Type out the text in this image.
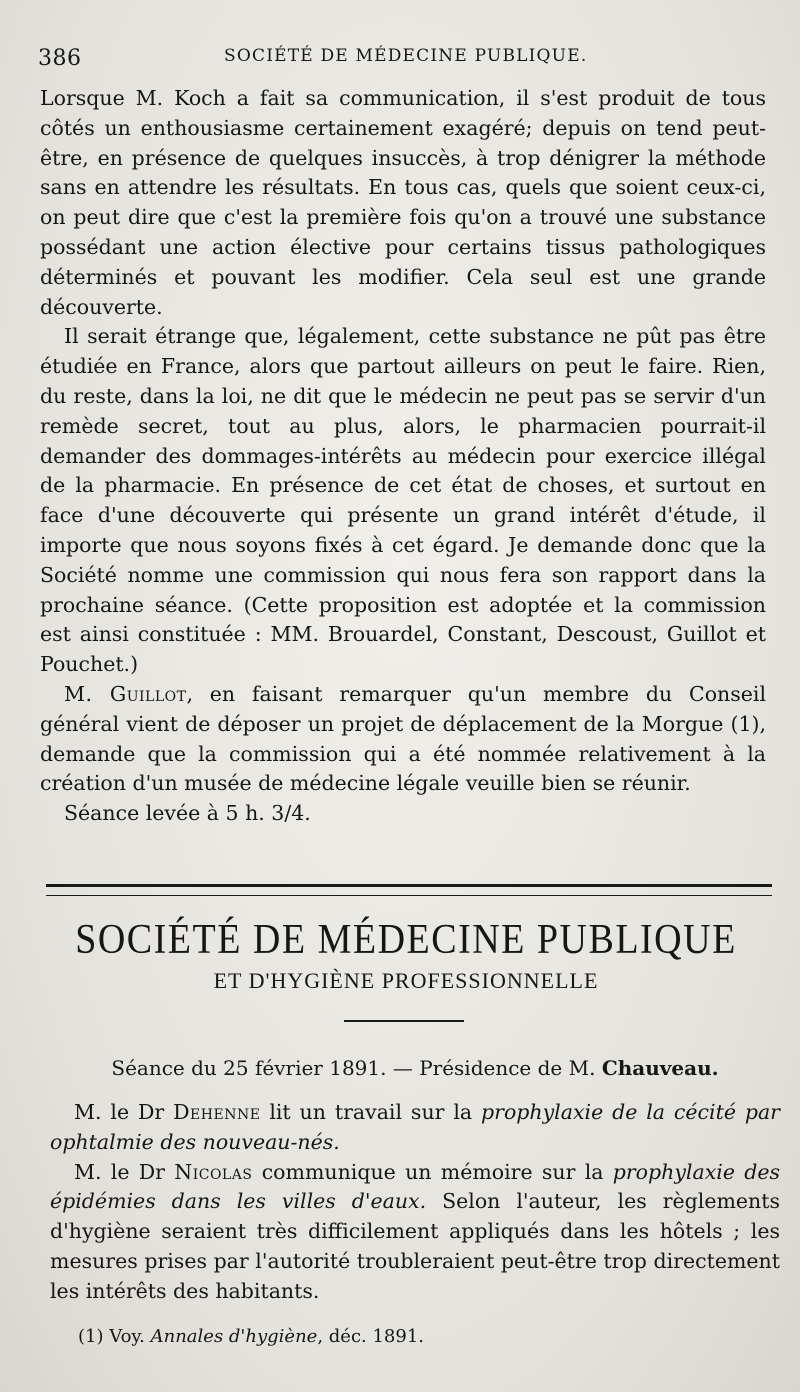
386	SOCIÉTÉ DE MÉDECINE PUBLIQUE.

Lorsque M. Koch a fait sa communication, il s'est produit de tous côtés un enthousiasme certainement exagéré; depuis on tend peut-être, en présence de quelques insuccès, à trop dénigrer la méthode sans en attendre les résultats. En tous cas, quels que soient ceux-ci, on peut dire que c'est la première fois qu'on a trouvé une substance possédant une action élective pour certains tissus pathologiques déterminés et pouvant les modifier. Cela seul est une grande découverte.

Il serait étrange que, légalement, cette substance ne pût pas être étudiée en France, alors que partout ailleurs on peut le faire. Rien, du reste, dans la loi, ne dit que le médecin ne peut pas se servir d'un remède secret, tout au plus, alors, le pharmacien pourrait-il demander des dommages-intérêts au médecin pour exercice illégal de la pharmacie. En présence de cet état de choses, et surtout en face d'une découverte qui présente un grand intérêt d'étude, il importe que nous soyons fixés à cet égard. Je demande donc que la Société nomme une commission qui nous fera son rapport dans la prochaine séance. (Cette proposition est adoptée et la commission est ainsi constituée : MM. Brouardel, Constant, Descoust, Guillot et Pouchet.)

M. Guillot, en faisant remarquer qu'un membre du Conseil général vient de déposer un projet de déplacement de la Morgue (1), demande que la commission qui a été nommée relativement à la création d'un musée de médecine légale veuille bien se réunir.

Séance levée à 5 h. 3/4.

SOCIÉTÉ DE MÉDECINE PUBLIQUE
ET D'HYGIÈNE PROFESSIONNELLE
Séance du 25 février 1891. — Présidence de M. Chauveau.

M. le Dr Dehenne lit un travail sur la prophylaxie de la cécité par ophtalmie des nouveau-nés.

M. le Dr Nicolas communique un mémoire sur la prophylaxie des épidémies dans les villes d'eaux. Selon l'auteur, les règlements d'hygiène seraient très difficilement appliqués dans les hôtels ; les mesures prises par l'autorité troubleraient peut-être trop directement les intérêts des habitants.

(1) Voy. Annales d'hygiène, déc. 1891.
